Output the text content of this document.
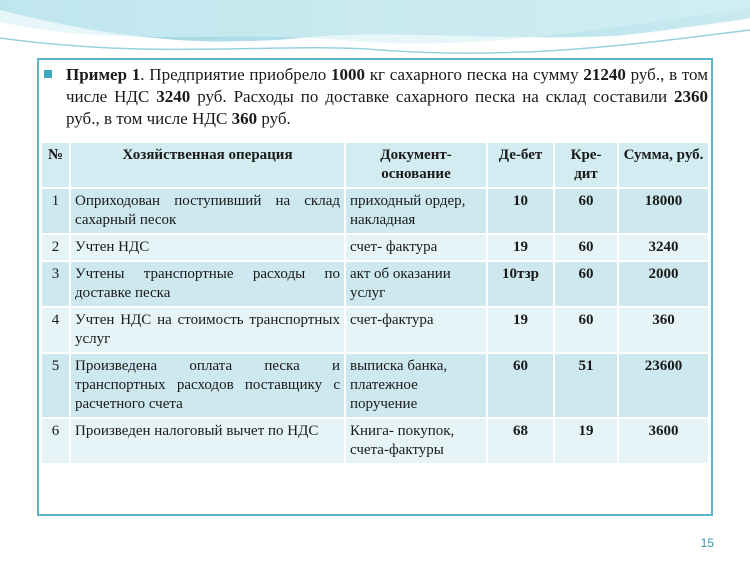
Пример 1. Предприятие приобрело 1000 кг сахарного песка на сумму 21240 руб., в том числе НДС 3240 руб. Расходы по доставке сахарного песка на склад составили 2360 руб., в том числе НДС 360 руб.
№	Хозяйственная операция	Документ-основание	Де-бет	Кре-дит	Сумма, руб.
1	Оприходован поступивший на склад сахарный песок	приходный ордер, накладная	10	60	18000
2	Учтен НДС	счет- фактура	19	60	3240
3	Учтены транспортные расходы по доставке песка	акт об оказании услуг	10тзр	60	2000
4	Учтен НДС на стоимость транспортных услуг	счет-фактура	19	60	360
5	Произведена оплата песка и транспортных расходов поставщику с расчетного счета	выписка банка, платежное поручение	60	51	23600
6	Произведен налоговый вычет по НДС	Книга- покупок, счета-фактуры	68	19	3600
15
